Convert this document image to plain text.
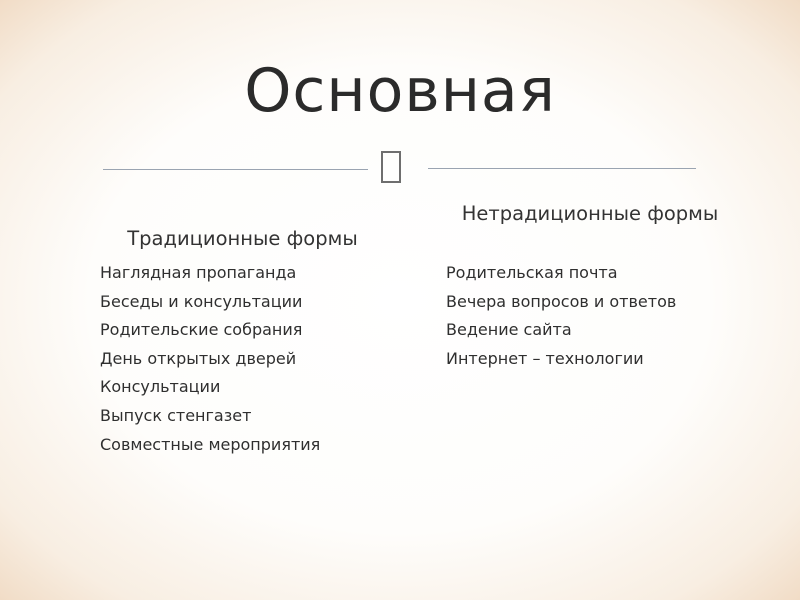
Основная
Традиционные формы
Нетрадиционные формы
Наглядная пропаганда
Беседы и консультации
Родительские собрания
День открытых дверей
Консультации
Выпуск стенгазет
Совместные мероприятия
Родительская почта
Вечера вопросов и ответов
Ведение сайта
Интернет – технологии
